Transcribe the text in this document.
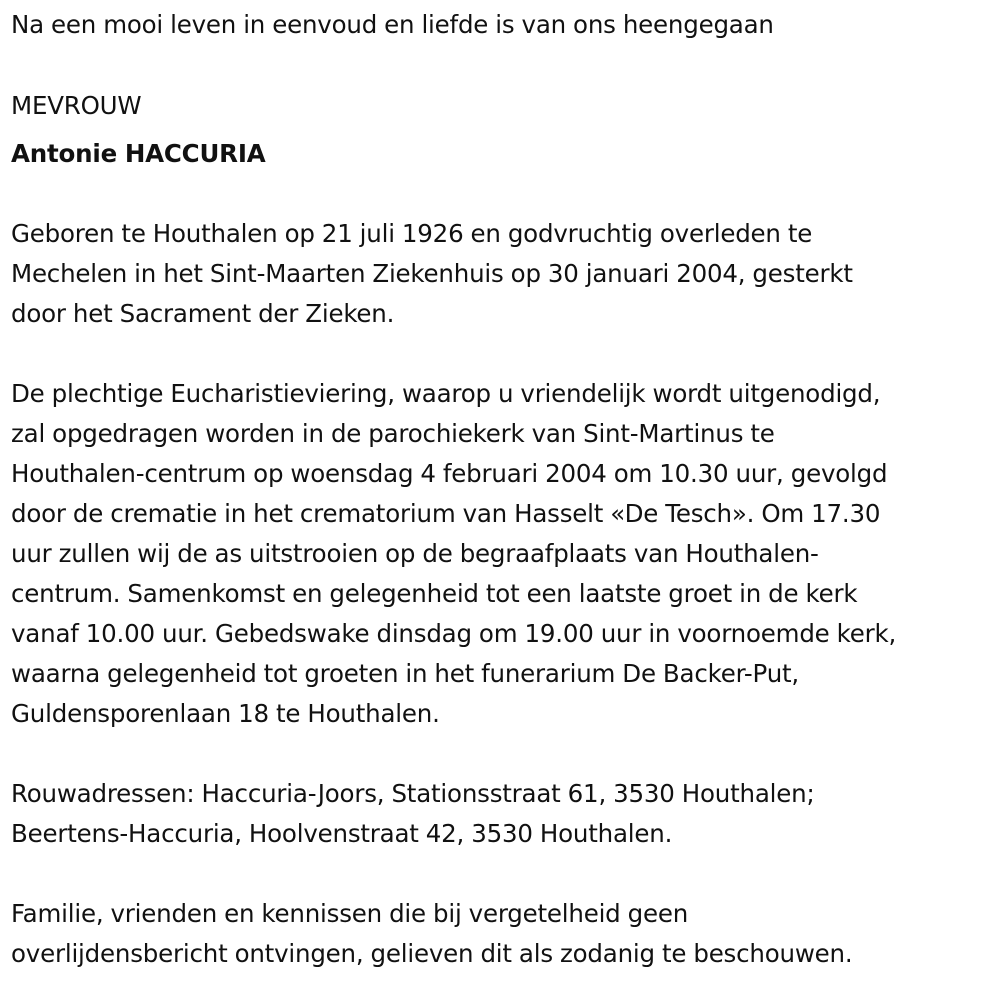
Na een mooi leven in eenvoud en liefde is van ons heengegaan
MEVROUW
Antonie HACCURIA
Geboren te Houthalen op 21 juli 1926 en godvruchtig overleden te
Mechelen in het Sint-Maarten Ziekenhuis op 30 januari 2004, gesterkt
door het Sacrament der Zieken.
De plechtige Eucharistieviering, waarop u vriendelijk wordt uitgenodigd,
zal opgedragen worden in de parochiekerk van Sint-Martinus te
Houthalen-centrum op woensdag 4 februari 2004 om 10.30 uur, gevolgd
door de crematie in het crematorium van Hasselt «De Tesch». Om 17.30
uur zullen wij de as uitstrooien op de begraafplaats van Houthalen-
centrum. Samenkomst en gelegenheid tot een laatste groet in de kerk
vanaf 10.00 uur. Gebedswake dinsdag om 19.00 uur in voornoemde kerk,
waarna gelegenheid tot groeten in het funerarium De Backer-Put,
Guldensporenlaan 18 te Houthalen.
Rouwadressen: Haccuria-Joors, Stationsstraat 61, 3530 Houthalen;
Beertens-Haccuria, Hoolvenstraat 42, 3530 Houthalen.
Familie, vrienden en kennissen die bij vergetelheid geen
overlijdensbericht ontvingen, gelieven dit als zodanig te beschouwen.
